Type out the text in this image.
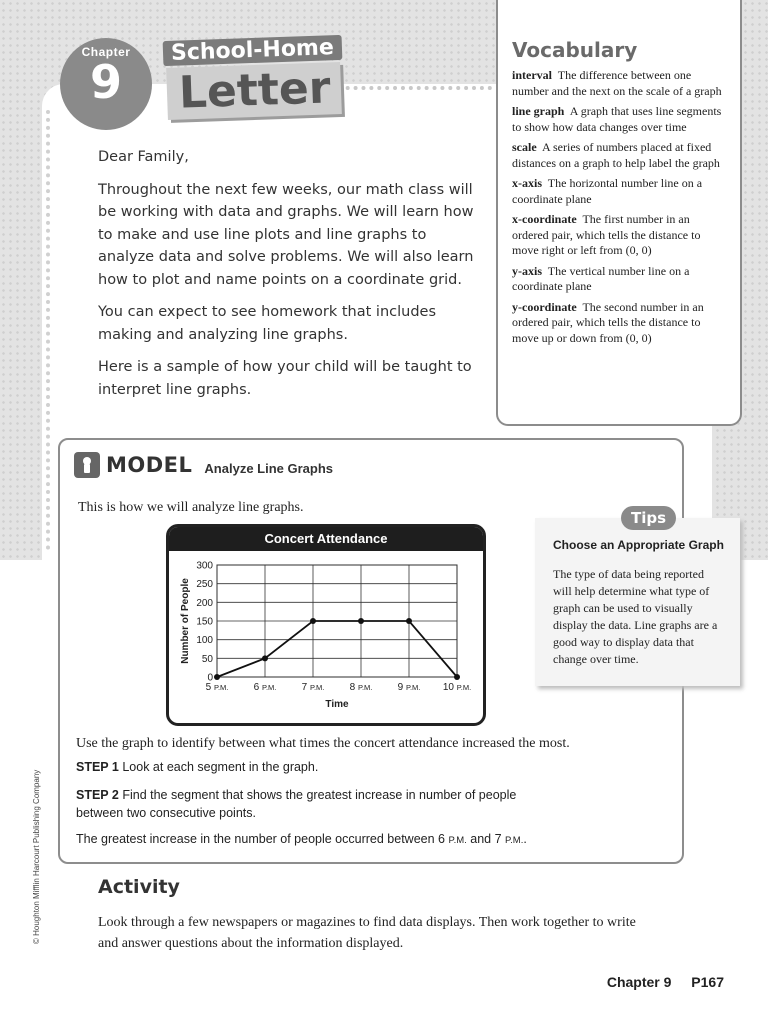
Chapter
9
School-Home
Letter

Dear Family,

Throughout the next few weeks, our math class will be working with data and graphs. We will learn how to make and use line plots and line graphs to analyze data and solve problems. We will also learn how to plot and name points on a coordinate grid.

You can expect to see homework that includes making and analyzing line graphs.

Here is a sample of how your child will be taught to interpret line graphs.

Vocabulary
interval The difference between one number and the next on the scale of a graph
line graph A graph that uses line segments to show how data changes over time
scale A series of numbers placed at fixed distances on a graph to help label the graph
x-axis The horizontal number line on a coordinate plane
x-coordinate The first number in an ordered pair, which tells the distance to move right or left from (0, 0)
y-axis The vertical number line on a coordinate plane
y-coordinate The second number in an ordered pair, which tells the distance to move up or down from (0, 0)
MODEL Analyze Line Graphs
This is how we will analyze line graphs.
Concert Attendance
0
50
100
150
200
250
300
5 P.M.	6 P.M.	7 P.M.	8 P.M.	9 P.M. 10 P.M.
Time
Number of People
Use the graph to identify between what times the concert attendance increased the most.
STEP 1 Look at each segment in the graph.
STEP 2 Find the segment that shows the greatest increase in number of people between two consecutive points.
The greatest increase in the number of people occurred between 6 P.M. and 7 P.M..
Tips
Choose an Appropriate Graph
The type of data being reported will help determine what type of graph can be used to visually display the data. Line graphs are a good way to display data that change over time.
Activity
Look through a few newspapers or magazines to find data displays. Then work together to write and answer questions about the information displayed.
© Houghton Mifflin Harcourt Publishing Company
Chapter 9 P167
